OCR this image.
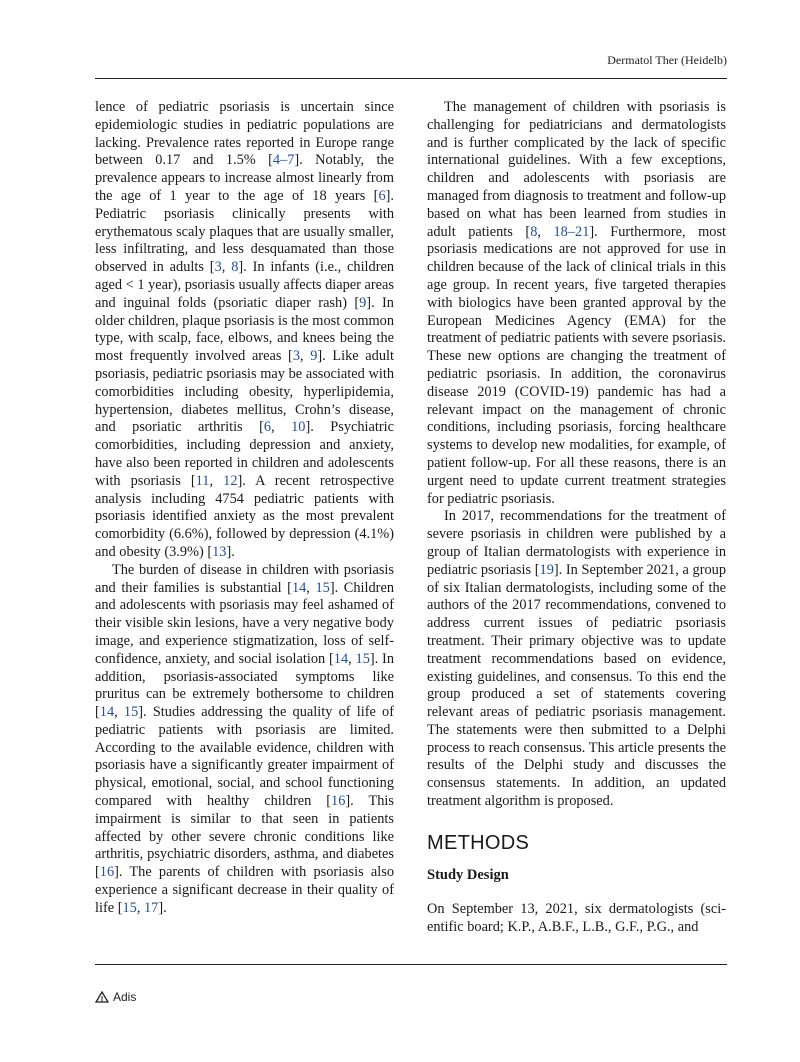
Dermatol Ther (Heidelb)

lence of pediatric psoriasis is uncertain since epidemiologic studies in pediatric populations are lacking. Prevalence rates reported in Europe range between 0.17 and 1.5% [4–7]. Notably, the prevalence appears to increase almost linearly from the age of 1 year to the age of 18 years [6]. Pediatric psoriasis clinically presents with erythematous scaly plaques that are usually smaller, less infiltrating, and less desquamated than those observed in adults [3, 8]. In infants (i.e., children aged < 1 year), psoriasis usually affects diaper areas and inguinal folds (psoriatic diaper rash) [9]. In older children, plaque psoriasis is the most common type, with scalp, face, elbows, and knees being the most frequently involved areas [3, 9]. Like adult psoriasis, pediatric psoriasis may be associated with comorbidities including obesity, hyperlipidemia, hypertension, diabetes mellitus, Crohn’s disease, and psoriatic arthritis [6, 10]. Psychiatric comorbidities, including depression and anxiety, have also been reported in children and adolescents with psoriasis [11, 12]. A recent retrospective analysis including 4754 pediatric patients with psoriasis identified anxiety as the most prevalent comorbidity (6.6%), followed by depression (4.1%) and obesity (3.9%) [13].

The burden of disease in children with psoriasis and their families is substantial [14, 15]. Children and adolescents with psoriasis may feel ashamed of their visible skin lesions, have a very negative body image, and experience stigmatization, loss of self-confidence, anxiety, and social isolation [14, 15]. In addition, psoriasis-associated symptoms like pruritus can be extremely bothersome to children [14, 15]. Studies addressing the quality of life of pediatric patients with psoriasis are limited. According to the available evidence, children with psoriasis have a significantly greater impairment of physical, emotional, social, and school functioning compared with healthy children [16]. This impairment is similar to that seen in patients affected by other severe chronic conditions like arthritis, psychiatric disorders, asthma, and diabetes [16]. The parents of children with psoriasis also experience a significant decrease in their quality of life [15, 17].

The management of children with psoriasis is challenging for pediatricians and dermatologists and is further complicated by the lack of specific international guidelines. With a few exceptions, children and adolescents with psoriasis are managed from diagnosis to treatment and follow-up based on what has been learned from studies in adult patients [8, 18–21]. Furthermore, most psoriasis medications are not approved for use in children because of the lack of clinical trials in this age group. In recent years, five targeted therapies with biologics have been granted approval by the European Medicines Agency (EMA) for the treatment of pediatric patients with severe psoriasis. These new options are changing the treatment of pediatric psoriasis. In addition, the coronavirus disease 2019 (COVID-19) pandemic has had a relevant impact on the management of chronic conditions, including psoriasis, forcing healthcare systems to develop new modalities, for example, of patient follow-up. For all these reasons, there is an urgent need to update current treatment strategies for pediatric psoriasis.

In 2017, recommendations for the treatment of severe psoriasis in children were published by a group of Italian dermatologists with experience in pediatric psoriasis [19]. In September 2021, a group of six Italian dermatologists, including some of the authors of the 2017 recommendations, convened to address current issues of pediatric psoriasis treatment. Their primary objective was to update treatment recommendations based on evidence, existing guidelines, and consensus. To this end the group produced a set of statements covering relevant areas of pediatric psoriasis management. The statements were then submitted to a Delphi process to reach consensus. This article presents the results of the Delphi study and discusses the consensus statements. In addition, an updated treatment algorithm is proposed.

METHODS
Study Design

On September 13, 2021, six dermatologists (scientific board; K.P., A.B.F., L.B., G.F., P.G., and

Adis
